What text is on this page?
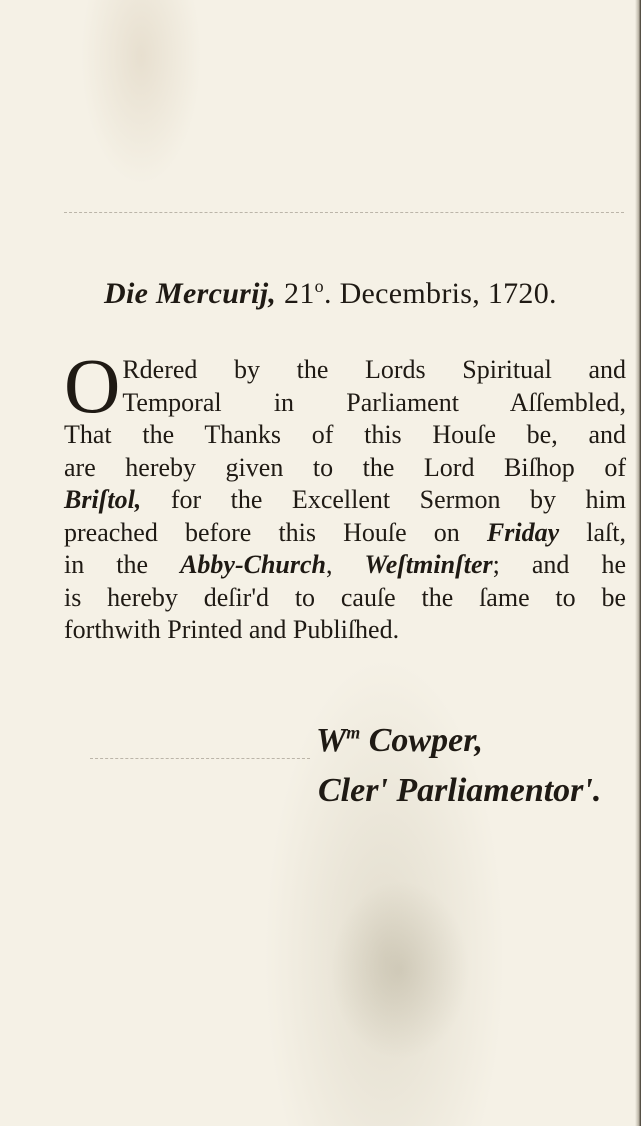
Die Mercurij, 21$^o$. Decembris, 1720.
O Rdered by the Lords Spiritual and
Temporal in Parliament Aſſembled,
That the Thanks of this Houſe be, and
are hereby given to the Lord Biſhop of
Briſtol, for the Excellent Sermon by him
preached before this Houſe on Friday laſt,
in the Abby-Church, Weſtminſter; and he
is hereby deſir'd to cauſe the ſame to be
forthwith Printed and Publiſhed.
$W^m$ Cowper,
Cler' Parliamentor'.
